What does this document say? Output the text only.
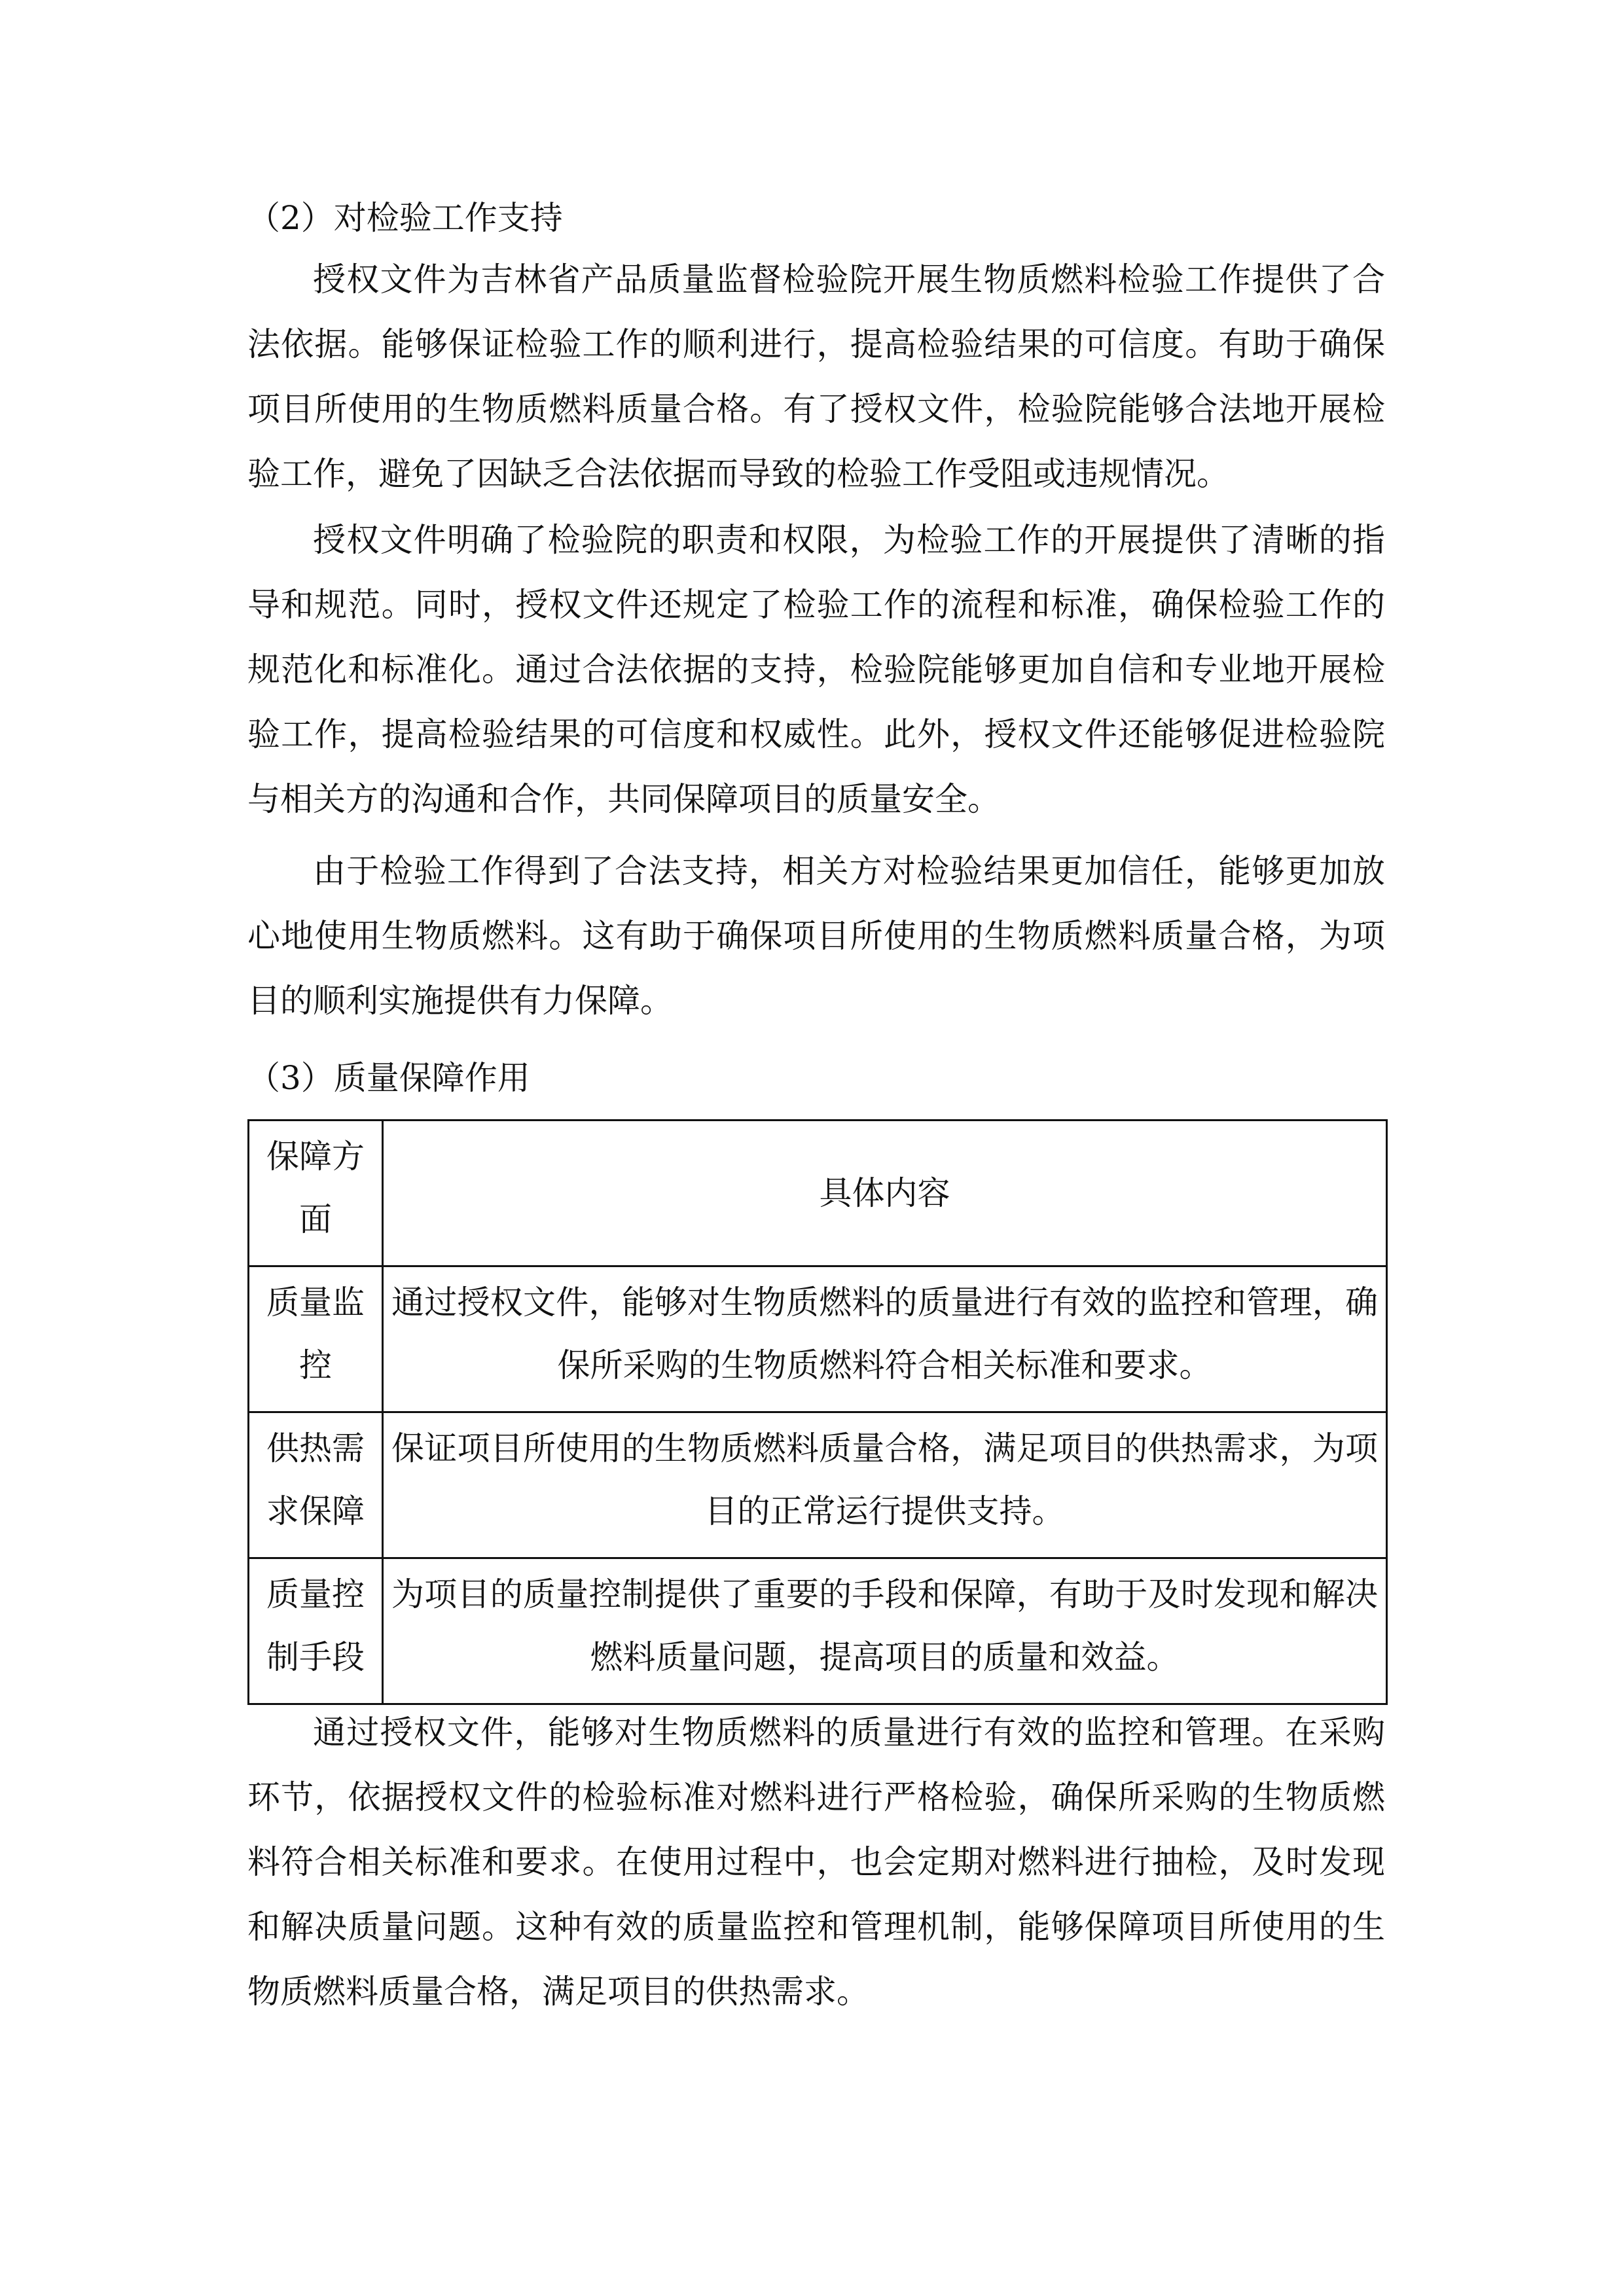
（2）对检验工作支持

授权文件为吉林省产品质量监督检验院开展生物质燃料检验工作提供了合法依据。能够保证检验工作的顺利进行，提高检验结果的可信度。有助于确保项目所使用的生物质燃料质量合格。有了授权文件，检验院能够合法地开展检验工作，避免了因缺乏合法依据而导致的检验工作受阻或违规情况。

授权文件明确了检验院的职责和权限，为检验工作的开展提供了清晰的指导和规范。同时，授权文件还规定了检验工作的流程和标准，确保检验工作的规范化和标准化。通过合法依据的支持，检验院能够更加自信和专业地开展检验工作，提高检验结果的可信度和权威性。此外，授权文件还能够促进检验院与相关方的沟通和合作，共同保障项目的质量安全。

由于检验工作得到了合法支持，相关方对检验结果更加信任，能够更加放心地使用生物质燃料。这有助于确保项目所使用的生物质燃料质量合格，为项目的顺利实施提供有力保障。

（3）质量保障作用
保障方面	具体内容
质量监控	通过授权文件，能够对生物质燃料的质量进行有效的监控和管理，确保所采购的生物质燃料符合相关标准和要求。
供热需求保障	保证项目所使用的生物质燃料质量合格，满足项目的供热需求，为项目的正常运行提供支持。
质量控制手段	为项目的质量控制提供了重要的手段和保障，有助于及时发现和解决燃料质量问题，提高项目的质量和效益。

通过授权文件，能够对生物质燃料的质量进行有效的监控和管理。在采购环节，依据授权文件的检验标准对燃料进行严格检验，确保所采购的生物质燃料符合相关标准和要求。在使用过程中，也会定期对燃料进行抽检，及时发现和解决质量问题。这种有效的质量监控和管理机制，能够保障项目所使用的生物质燃料质量合格，满足项目的供热需求。
